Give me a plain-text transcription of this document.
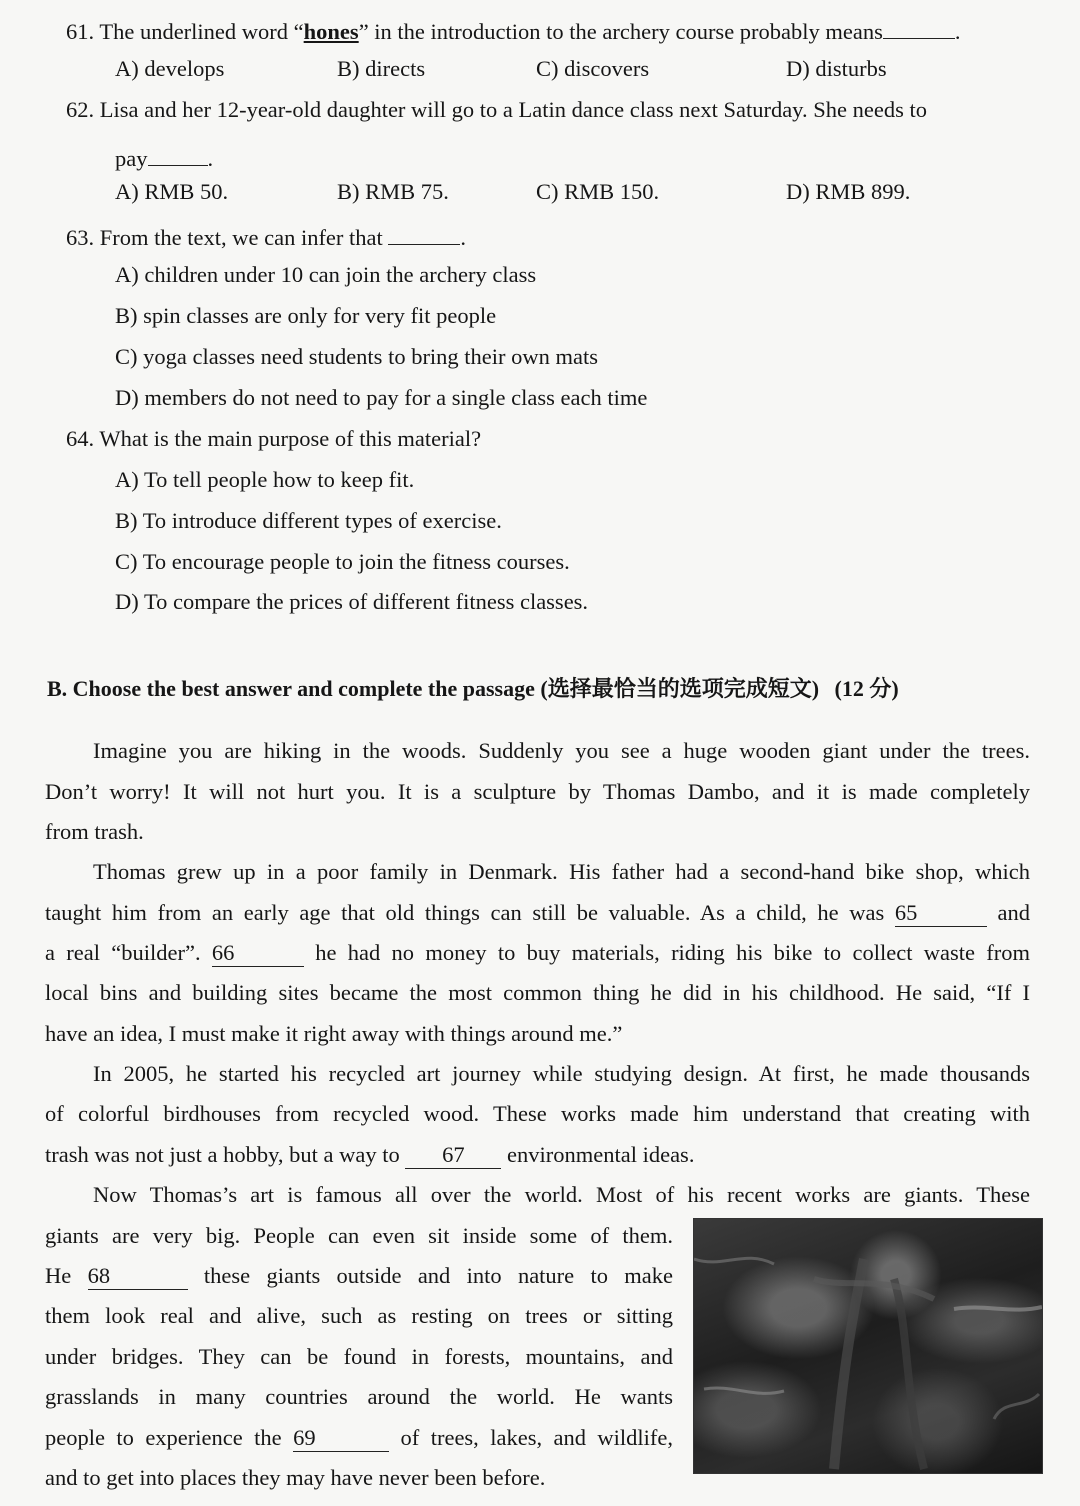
61. The underlined word “hones” in the introduction to the archery course probably means	.
A) develops	B) directs	C) discovers	D) disturbs
62. Lisa and her 12-year-old daughter will go to a Latin dance class next Saturday. She needs to
pay	.
A) RMB 50.	B) RMB 75.	C) RMB 150.	D) RMB 899.
63. From the text, we can infer that	.
A) children under 10 can join the archery class
B) spin classes are only for very fit people
C) yoga classes need students to bring their own mats
D) members do not need to pay for a single class each time
64. What is the main purpose of this material?
A) To tell people how to keep fit.
B) To introduce different types of exercise.
C) To encourage people to join the fitness courses.
D) To compare the prices of different fitness classes.
B. Choose the best answer and complete the passage (选择最恰当的选项完成短文) (12 分)
Imagine you are hiking in the woods. Suddenly you see a huge wooden giant under the trees.
Don’t worry! It will not hurt you. It is a sculpture by Thomas Dambo, and it is made completely
from trash.
Thomas grew up in a poor family in Denmark. His father had a second-hand bike shop, which
taught him from an early age that old things can still be valuable. As a child, he was 65	and
a real “builder”. 66	he had no money to buy materials, riding his bike to collect waste from
local bins and building sites became the most common thing he did in his childhood. He said, “If I
have an idea, I must make it right away with things around me.”
In 2005, he started his recycled art journey while studying design. At first, he made thousands
of colorful birdhouses from recycled wood. These works made him understand that creating with
trash was not just a hobby, but a way to 67 environmental ideas.
Now Thomas’s art is famous all over the world. Most of his recent works are giants. These
giants are very big. People can even sit inside some of them.
He 68	these giants outside and into nature to make
them look real and alive, such as resting on trees or sitting
under bridges. They can be found in forests, mountains, and
grasslands in many countries around the world. He wants
people to experience the 69	of trees, lakes, and wildlife,
and to get into places they may have never been before.
